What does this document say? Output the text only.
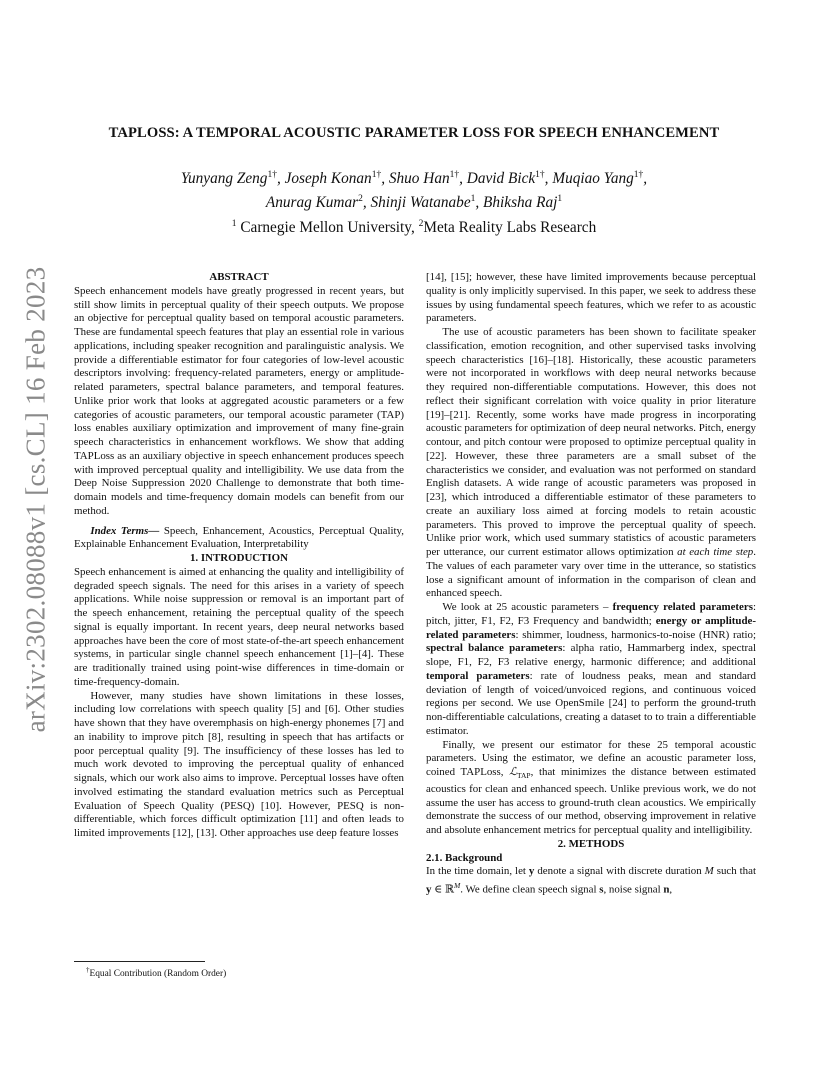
arXiv:2302.08088v1 [cs.CL] 16 Feb 2023
TAPLOSS: A TEMPORAL ACOUSTIC PARAMETER LOSS FOR SPEECH ENHANCEMENT
Yunyang Zeng$^{1\dagger}$, Joseph Konan$^{1\dagger}$, Shuo Han$^{1\dagger}$, David Bick$^{1\dagger}$, Muqiao Yang$^{1\dagger}$,
Anurag Kumar$^2$, Shinji Watanabe$^1$, Bhiksha Raj$^1$
$^1$ Carnegie Mellon University, $^2$Meta Reality Labs Research

ABSTRACT

Speech enhancement models have greatly progressed in recent years, but still show limits in perceptual quality of their speech outputs. We propose an objective for perceptual quality based on temporal acoustic parameters. These are fundamental speech features that play an essential role in various applications, including speaker recognition and paralinguistic analysis. We provide a differentiable estimator for four categories of low-level acoustic descriptors involving: frequency-related parameters, energy or amplitude-related parameters, spectral balance parameters, and temporal features. Unlike prior work that looks at aggregated acoustic parameters or a few categories of acoustic parameters, our temporal acoustic parameter (TAP) loss enables auxiliary optimization and improvement of many fine-grain speech characteristics in enhancement workflows. We show that adding TAPLoss as an auxiliary objective in speech enhancement produces speech with improved perceptual quality and intelligibility. We use data from the Deep Noise Suppression 2020 Challenge to demonstrate that both time-domain models and time-frequency domain models can benefit from our method.

Index Terms— Speech, Enhancement, Acoustics, Perceptual Quality, Explainable Enhancement Evaluation, Interpretability

1. INTRODUCTION

Speech enhancement is aimed at enhancing the quality and intelligibility of degraded speech signals. The need for this arises in a variety of speech applications. While noise suppression or removal is an important part of the speech enhancement, retaining the perceptual quality of the speech signal is equally important. In recent years, deep neural networks based approaches have been the core of most state-of-the-art speech enhancement systems, in particular single channel speech enhancement [1]–[4]. These are traditionally trained using point-wise differences in time-domain or time-frequency-domain.

However, many studies have shown limitations in these losses, including low correlations with speech quality [5] and [6]. Other studies have shown that they have overemphasis on high-energy phonemes [7] and an inability to improve pitch [8], resulting in speech that has artifacts or poor perceptual quality [9]. The insufficiency of these losses has led to much work devoted to improving the perceptual quality of enhanced signals, which our work also aims to improve. Perceptual losses have often involved estimating the standard evaluation metrics such as Perceptual Evaluation of Speech Quality (PESQ) [10]. However, PESQ is non-differentiable, which forces difficult optimization [11] and often leads to limited improvements [12], [13]. Other approaches use deep feature losses

[14], [15]; however, these have limited improvements because perceptual quality is only implicitly supervised. In this paper, we seek to address these issues by using fundamental speech features, which we refer to as acoustic parameters.

The use of acoustic parameters has been shown to facilitate speaker classification, emotion recognition, and other supervised tasks involving speech characteristics [16]–[18]. Historically, these acoustic parameters were not incorporated in workflows with deep neural networks because they required non-differentiable computations. However, this does not reflect their significant correlation with voice quality in prior literature [19]–[21]. Recently, some works have made progress in incorporating acoustic parameters for optimization of deep neural networks. Pitch, energy contour, and pitch contour were proposed to optimize perceptual quality in [22]. However, these three parameters are a small subset of the characteristics we consider, and evaluation was not performed on standard English datasets. A wide range of acoustic parameters was proposed in [23], which introduced a differentiable estimator of these parameters to create an auxiliary loss aimed at forcing models to retain acoustic parameters. This proved to improve the perceptual quality of speech. Unlike prior work, which used summary statistics of acoustic parameters per utterance, our current estimator allows optimization at each time step. The values of each parameter vary over time in the utterance, so statistics lose a significant amount of information in the comparison of clean and enhanced speech.

We look at 25 acoustic parameters – frequency related parameters: pitch, jitter, F1, F2, F3 Frequency and bandwidth; energy or amplitude-related parameters: shimmer, loudness, harmonics-to-noise (HNR) ratio; spectral balance parameters: alpha ratio, Hammarberg index, spectral slope, F1, F2, F3 relative energy, harmonic difference; and additional temporal parameters: rate of loudness peaks, mean and standard deviation of length of voiced/unvoiced regions, and continuous voiced regions per second. We use OpenSmile [24] to perform the ground-truth non-differentiable calculations, creating a dataset to to train a differentiable estimator.

Finally, we present our estimator for these 25 temporal acoustic parameters. Using the estimator, we define an acoustic parameter loss, coined TAPLoss, ℒ$_{TAP}$, that minimizes the distance between estimated acoustics for clean and enhanced speech. Unlike previous work, we do not assume the user has access to ground-truth clean acoustics. We empirically demonstrate the success of our method, observing improvement in relative and absolute enhancement metrics for perceptual quality and intelligibility.

2. METHODS

2.1. Background

In the time domain, let y denote a signal with discrete duration M such that y ∈ ℝ$^M$. We define clean speech signal s, noise signal n,

†Equal Contribution (Random Order)
